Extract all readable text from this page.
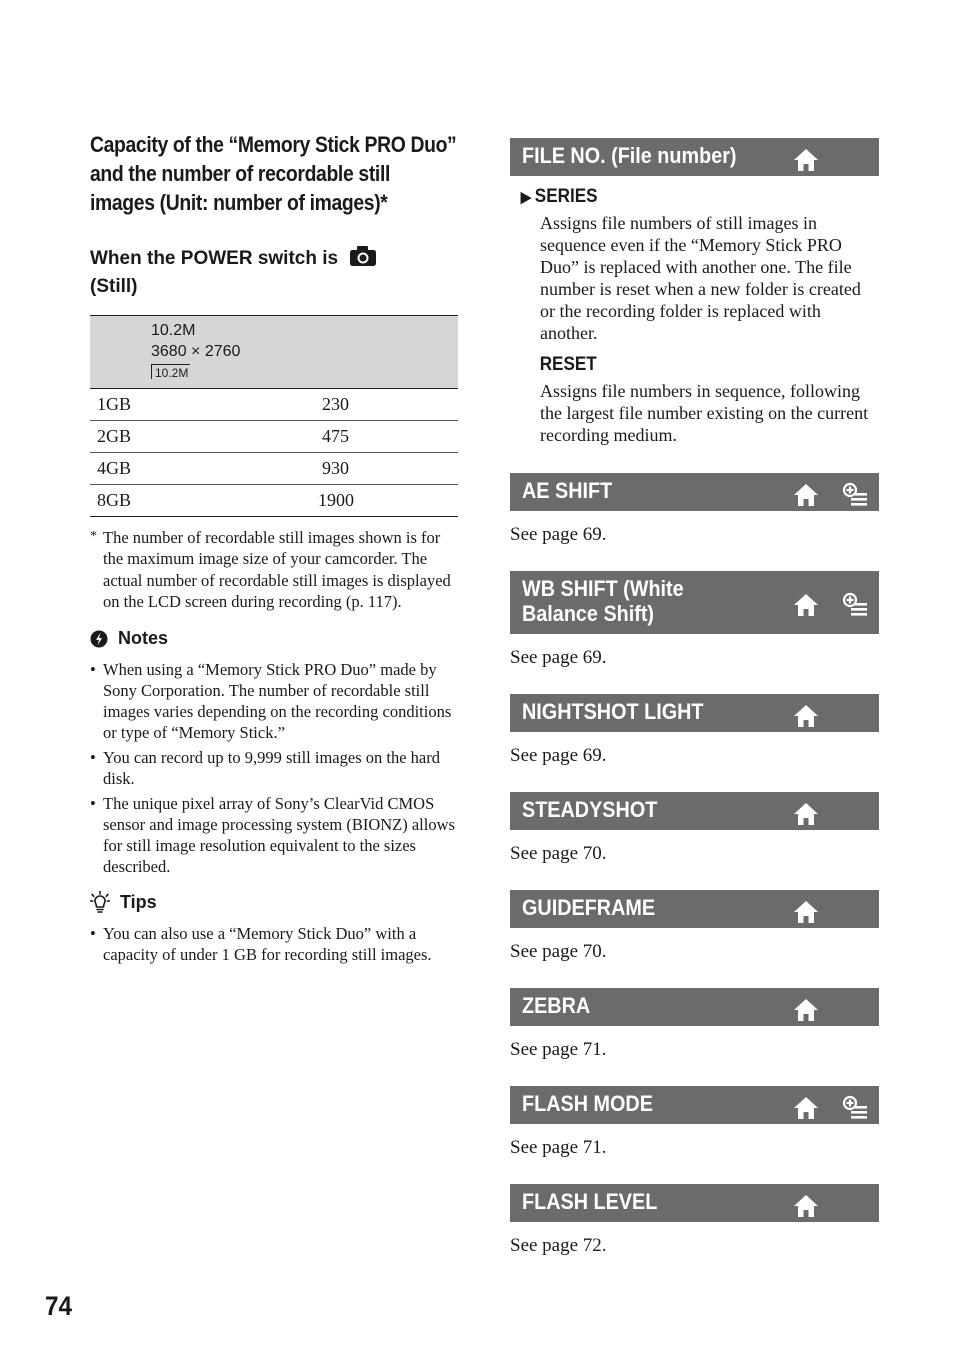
Capacity of the “Memory Stick PRO Duo” and the number of recordable still images (Unit: number of images)*
When the POWER switch is
(Still)
10.2M
3680 × 2760
10.2M	

1GB	230
2GB	475
4GB	930
8GB	1900
* The number of recordable still images shown is for the maximum image size of your camcorder. The actual number of recordable still images is displayed on the LCD screen during recording (p. 117).
Notes
• When using a “Memory Stick PRO Duo” made by Sony Corporation. The number of recordable still images varies depending on the recording conditions or type of “Memory Stick.”
• You can record up to 9,999 still images on the hard disk.
• The unique pixel array of Sony’s ClearVid CMOS sensor and image processing system (BIONZ) allows for still image resolution equivalent to the sizes described.
Tips
• You can also use a “Memory Stick Duo” with a capacity of under 1 GB for recording still images.
FILE NO. (File number)
▶ SERIES
Assigns file numbers of still images in sequence even if the “Memory Stick PRO Duo” is replaced with another one. The file number is reset when a new folder is created or the recording folder is replaced with another.
RESET
Assigns file numbers in sequence, following the largest file number existing on the current recording medium.
AE SHIFT

See page 69.

WB SHIFT (White
Balance Shift)

See page 69.

NIGHTSHOT LIGHT

See page 69.

STEADYSHOT

See page 70.

GUIDEFRAME

See page 70.

ZEBRA

See page 71.

FLASH MODE

See page 71.

FLASH LEVEL

See page 72.

74
